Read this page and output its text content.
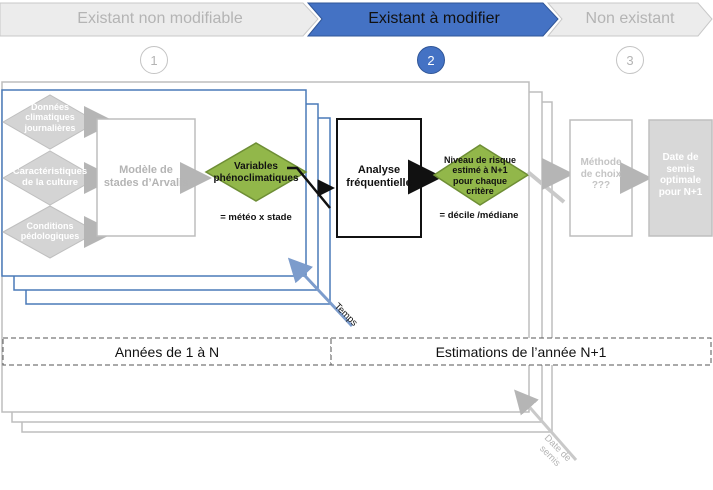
Existant non modifiable	Existant à modifier	Non existant
1	2	3
Données
climatiques
journalières
Caractéristiques
de la culture
Conditions
pédologiques
Modèle de
stades d’Arvalis
Variables
phénoclimatiques
= météo x stade
Analyse
fréquentielle
Niveau de risque
estimé à N+1
pour chaque
critère
= décile /médiane
Méthode
de choix
???
Date de
semis
optimale
pour N+1
Temps
Date de
semis
Années de 1 à N	Estimations de l’année N+1
